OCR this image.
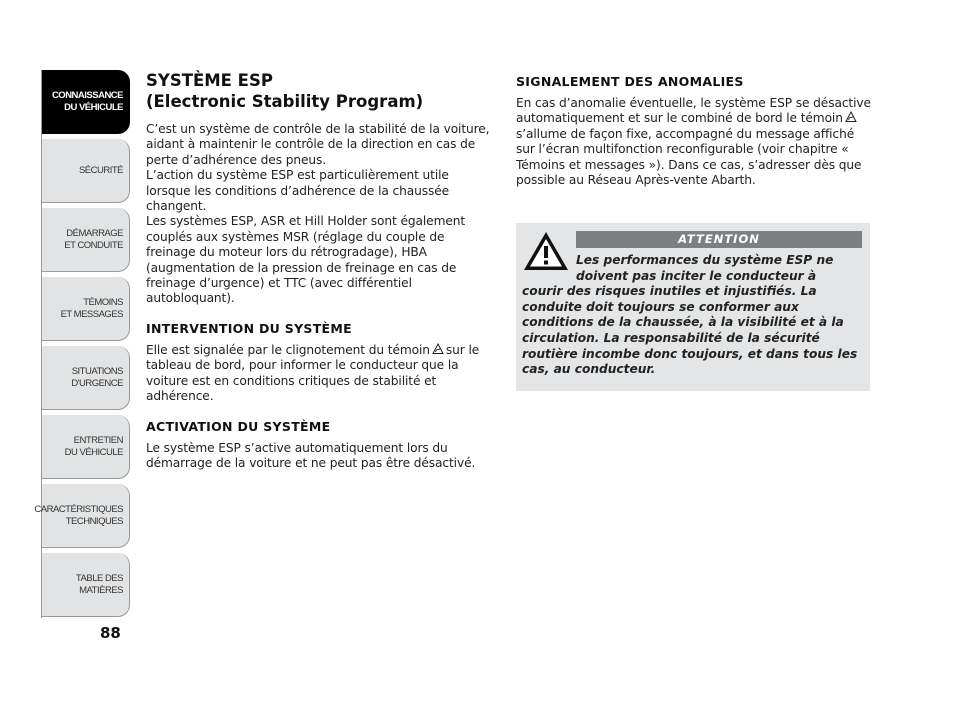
CONNAISSANCE
DU VÉHICULE
SÉCURITÉ
DÉMARRAGE
ET CONDUITE
TÉMOINS
ET MESSAGES
SITUATIONS
D'URGENCE
ENTRETIEN
DU VÉHICULE
CARACTÉRISTIQUES
TECHNIQUES
TABLE DES
MATIÈRES
88
SYSTÈME ESP
(Electronic Stability Program)

C’est un système de contrôle de la stabilité de la voiture, aidant à maintenir le contrôle de la direction en cas de perte d’adhérence des pneus.

L’action du système ESP est particulièrement utile lorsque les conditions d’adhérence de la chaussée changent.

Les systèmes ESP, ASR et Hill Holder sont également couplés aux systèmes MSR (réglage du couple de freinage du moteur lors du rétrogradage), HBA (augmentation de la pression de freinage en cas de freinage d’urgence) et TTC (avec différentiel autobloquant).

INTERVENTION DU SYSTÈME

Elle est signalée par le clignotement du témoin sur le tableau de bord, pour informer le conducteur que la voiture est en conditions critiques de stabilité et adhérence.

ACTIVATION DU SYSTÈME

Le système ESP s’active automatiquement lors du démarrage de la voiture et ne peut pas être désactivé.

SIGNALEMENT DES ANOMALIES

En cas d’anomalie éventuelle, le système ESP se désactive automatiquement et sur le combiné de bord le témoins’allume de façon fixe, accompagné du message affiché sur l’écran multifonction reconfigurable (voir chapitre « Témoins et messages »). Dans ce cas, s’adresser dès que possible au Réseau Après-vente Abarth.

ATTENTION
Les performances du système ESP ne
doivent pas inciter le conducteur à
courir des risques inutiles et injustifiés. La conduite doit toujours se conformer aux conditions de la chaussée, à la visibilité et à la circulation. La responsabilité de la sécurité routière incombe donc toujours, et dans tous les cas, au conducteur.
